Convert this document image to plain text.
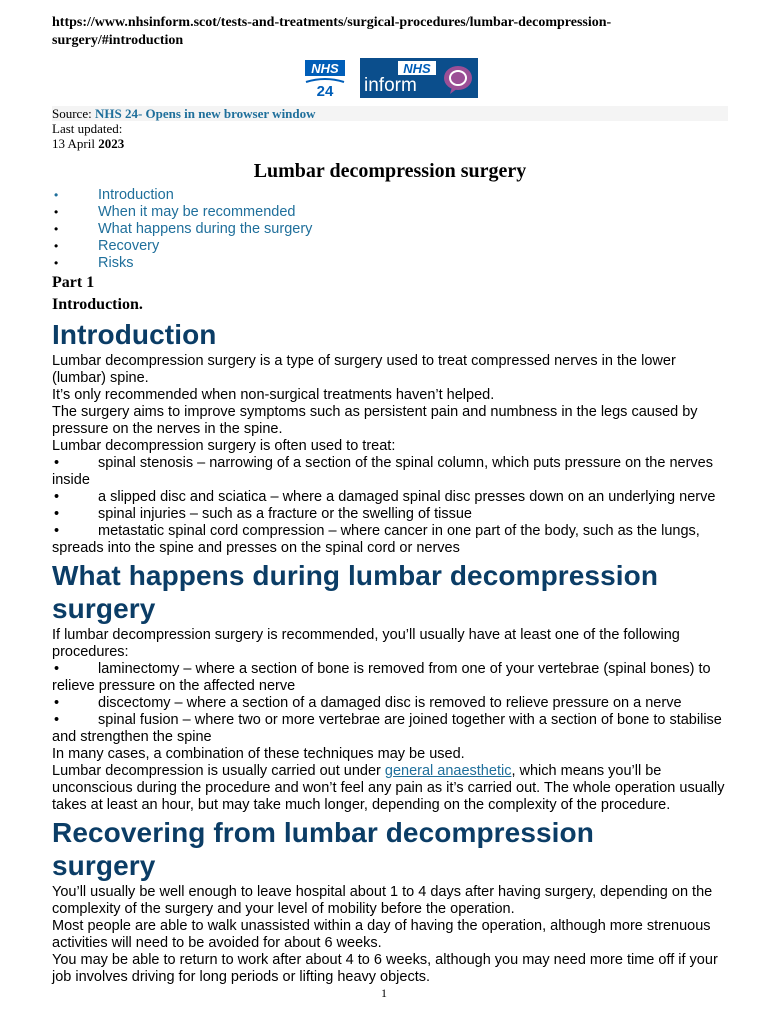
https://www.nhsinform.scot/tests-and-treatments/surgical-procedures/lumbar-decompression-surgery/#introduction

NHS
24
NHS
inform
Source: NHS 24- Opens in new browser window

Last updated:

13 April 2023

Lumbar decompression surgery
• Introduction
• When it may be recommended
• What happens during the surgery
• Recovery
• Risks

Part 1

Introduction.

Introduction

Lumbar decompression surgery is a type of surgery used to treat compressed nerves in the lower (lumbar) spine.

It’s only recommended when non-surgical treatments haven’t helped.

The surgery aims to improve symptoms such as persistent pain and numbness in the legs caused by pressure on the nerves in the spine.

Lumbar decompression surgery is often used to treat:

•	spinal stenosis – narrowing of a section of the spinal column, which puts pressure on the nerves inside

•	a slipped disc and sciatica – where a damaged spinal disc presses down on an underlying nerve

•	spinal injuries – such as a fracture or the swelling of tissue

•	metastatic spinal cord compression – where cancer in one part of the body, such as the lungs, spreads into the spine and presses on the spinal cord or nerves

What happens during lumbar decompression
surgery

If lumbar decompression surgery is recommended, you’ll usually have at least one of the following procedures:

•	laminectomy – where a section of bone is removed from one of your vertebrae (spinal bones) to relieve pressure on the affected nerve

•	discectomy – where a section of a damaged disc is removed to relieve pressure on a nerve

•	spinal fusion – where two or more vertebrae are joined together with a section of bone to stabilise and strengthen the spine

In many cases, a combination of these techniques may be used.

Lumbar decompression is usually carried out under general anaesthetic, which means you’ll be unconscious during the procedure and won’t feel any pain as it’s carried out. The whole operation usually takes at least an hour, but may take much longer, depending on the complexity of the procedure.

Recovering from lumbar decompression
surgery

You’ll usually be well enough to leave hospital about 1 to 4 days after having surgery, depending on the complexity of the surgery and your level of mobility before the operation.

Most people are able to walk unassisted within a day of having the operation, although more strenuous activities will need to be avoided for about 6 weeks.

You may be able to return to work after about 4 to 6 weeks, although you may need more time off if your job involves driving for long periods or lifting heavy objects.

1
